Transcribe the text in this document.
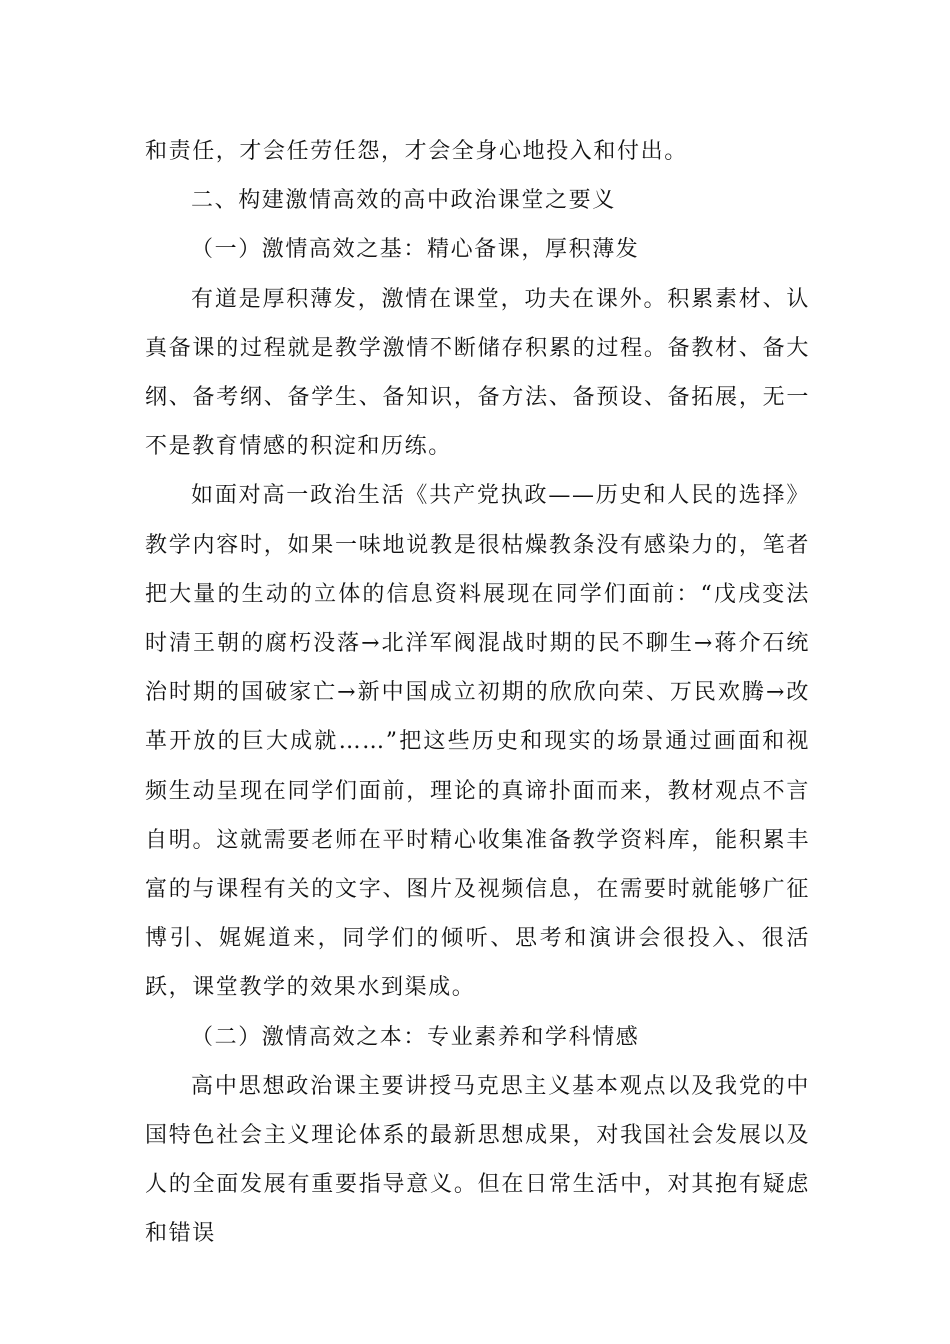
和责任，才会任劳任怨，才会全身心地投入和付出。

二、构建激情高效的高中政治课堂之要义

（一）激情高效之基：精心备课，厚积薄发

有道是厚积薄发，激情在课堂，功夫在课外。积累素材、认真备课的过程就是教学激情不断储存积累的过程。备教材、备大纲、备考纲、备学生、备知识，备方法、备预设、备拓展，无一不是教育情感的积淀和历练。

如面对高一政治生活《共产党执政——历史和人民的选择》教学内容时，如果一味地说教是很枯燥教条没有感染力的，笔者把大量的生动的立体的信息资料展现在同学们面前：“戊戌变法时清王朝的腐朽没落→北洋军阀混战时期的民不聊生→蒋介石统治时期的国破家亡→新中国成立初期的欣欣向荣、万民欢腾→改革开放的巨大成就……”把这些历史和现实的场景通过画面和视频生动呈现在同学们面前，理论的真谛扑面而来，教材观点不言自明。这就需要老师在平时精心收集准备教学资料库，能积累丰富的与课程有关的文字、图片及视频信息，在需要时就能够广征博引、娓娓道来，同学们的倾听、思考和演讲会很投入、很活跃，课堂教学的效果水到渠成。

（二）激情高效之本：专业素养和学科情感

高中思想政治课主要讲授马克思主义基本观点以及我党的中国特色社会主义理论体系的最新思想成果，对我国社会发展以及人的全面发展有重要指导意义。但在日常生活中，对其抱有疑虑和错误
